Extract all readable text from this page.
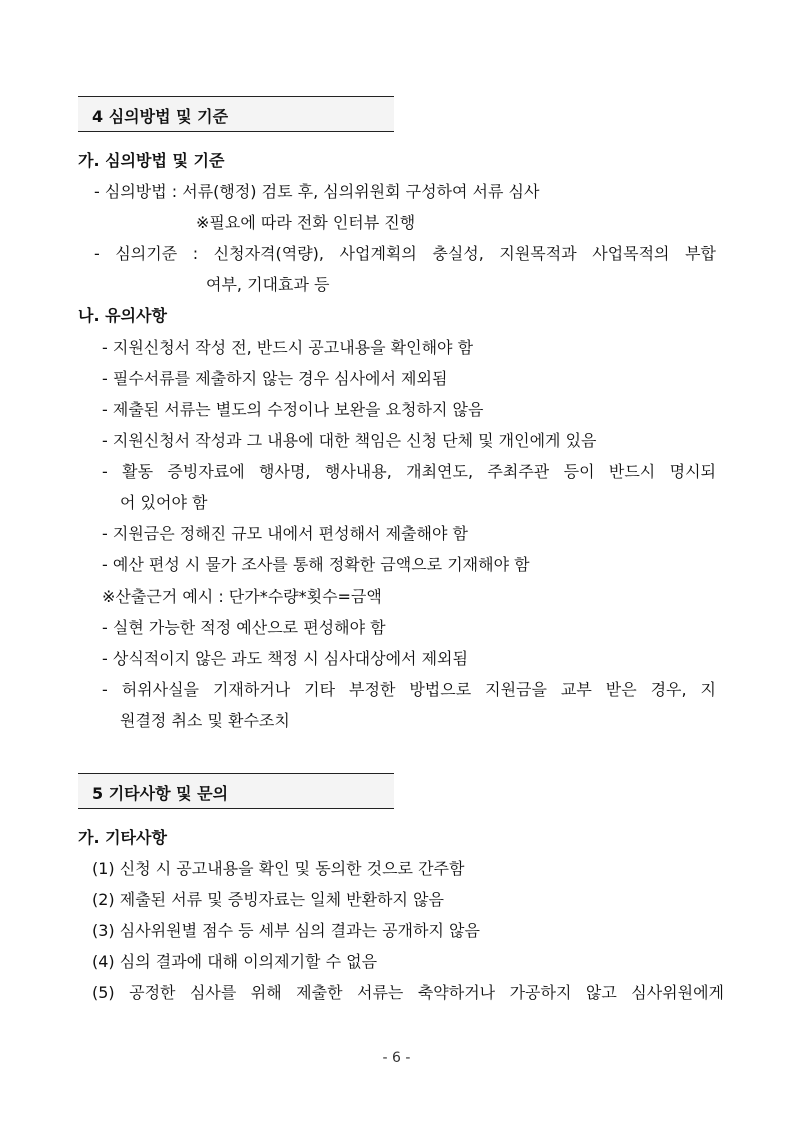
4 심의방법 및 기준
가. 심의방법 및 기준
- 심의방법 : 서류(행정) 검토 후, 심의위원회 구성하여 서류 심사
※필요에 따라 전화 인터뷰 진행
- 심의기준 : 신청자격(역량), 사업계획의 충실성, 지원목적과 사업목적의 부합
여부, 기대효과 등
나. 유의사항
- 지원신청서 작성 전, 반드시 공고내용을 확인해야 함
- 필수서류를 제출하지 않는 경우 심사에서 제외됨
- 제출된 서류는 별도의 수정이나 보완을 요청하지 않음
- 지원신청서 작성과 그 내용에 대한 책임은 신청 단체 및 개인에게 있음
- 활동 증빙자료에 행사명, 행사내용, 개최연도, 주최주관 등이 반드시 명시되
어 있어야 함
- 지원금은 정해진 규모 내에서 편성해서 제출해야 함
- 예산 편성 시 물가 조사를 통해 정확한 금액으로 기재해야 함
※산출근거 예시 : 단가*수량*횟수=금액
- 실현 가능한 적정 예산으로 편성해야 함
- 상식적이지 않은 과도 책정 시 심사대상에서 제외됨
- 허위사실을 기재하거나 기타 부정한 방법으로 지원금을 교부 받은 경우, 지
원결정 취소 및 환수조치
5 기타사항 및 문의
가. 기타사항
(1) 신청 시 공고내용을 확인 및 동의한 것으로 간주함
(2) 제출된 서류 및 증빙자료는 일체 반환하지 않음
(3) 심사위원별 점수 등 세부 심의 결과는 공개하지 않음
(4) 심의 결과에 대해 이의제기할 수 없음
(5) 공정한 심사를 위해 제출한 서류는 축약하거나 가공하지 않고 심사위원에게
- 6 -
